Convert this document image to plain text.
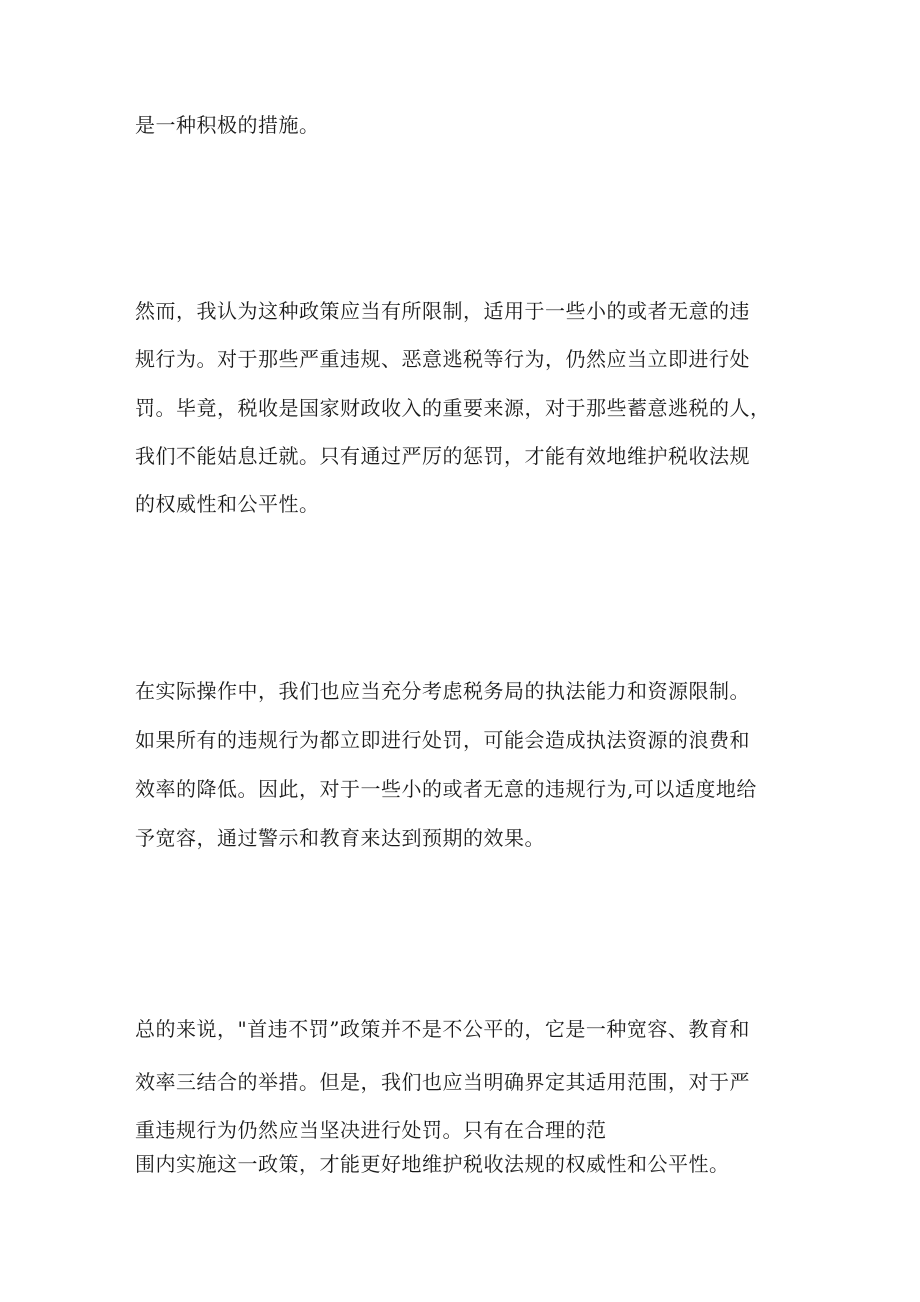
是一种积极的措施。
然而，我认为这种政策应当有所限制，适用于一些小的或者无意的违
规行为。对于那些严重违规、恶意逃税等行为，仍然应当立即进行处
罚。毕竟，税收是国家财政收入的重要来源，对于那些蓄意逃税的人，
我们不能姑息迁就。只有通过严厉的惩罚，才能有效地维护税收法规
的权威性和公平性。
在实际操作中，我们也应当充分考虑税务局的执法能力和资源限制。
如果所有的违规行为都立即进行处罚，可能会造成执法资源的浪费和
效率的降低。因此，对于一些小的或者无意的违规行为,可以适度地给
予宽容，通过警示和教育来达到预期的效果。
总的来说，"首违不罚”政策并不是不公平的，它是一种宽容、教育和
效率三结合的举措。但是，我们也应当明确界定其适用范围，对于严
重违规行为仍然应当坚决进行处罚。只有在合理的范
围内实施这一政策，才能更好地维护税收法规的权威性和公平性。
